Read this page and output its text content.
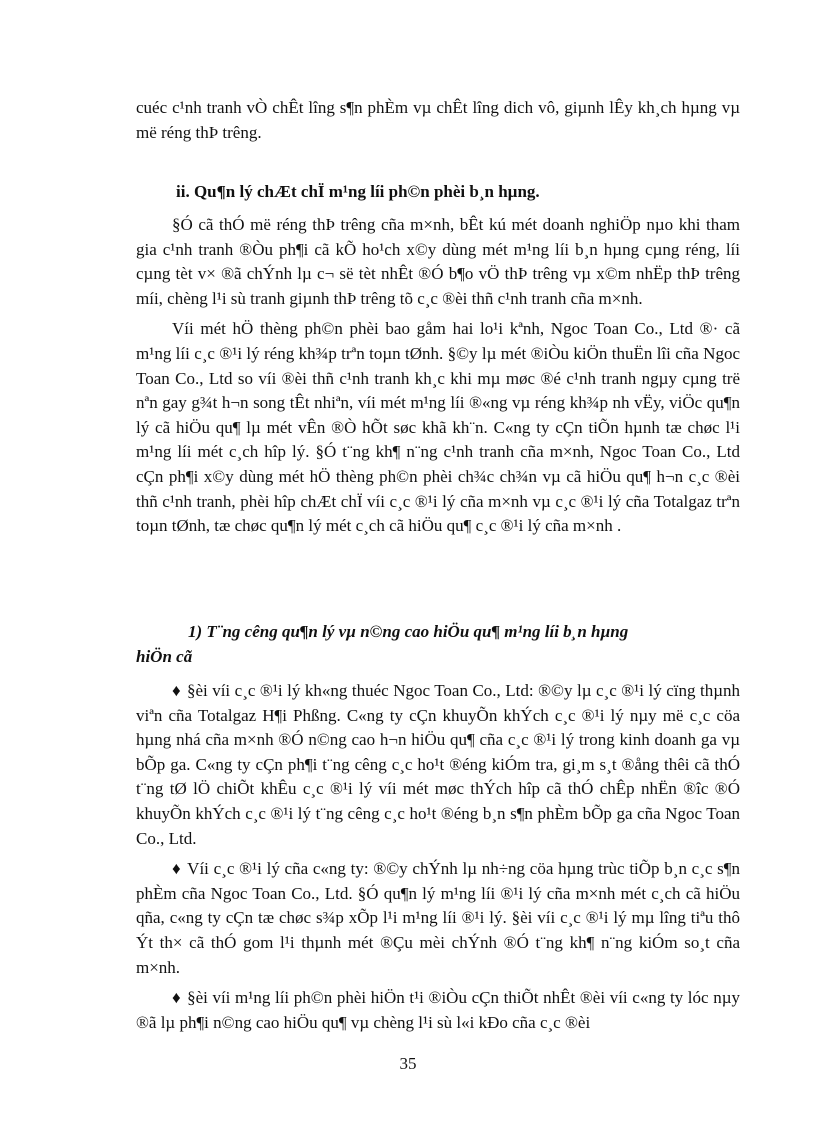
cuéc c¹nh tranh vÒ chÊt lîng s¶n phÈm vµ chÊt lîng dich vô, giµnh lÊy kh¸ch hµng vµ më réng thÞ trêng.

ii. Qu¶n lý chÆt chÏ m¹ng líi ph©n phèi b¸n hµng.

§Ó cã thÓ më réng thÞ trêng cña m×nh, bÊt kú mét doanh nghiÖp nµo khi tham gia c¹nh tranh ®Òu ph¶i cã kÕ ho¹ch x©y dùng mét m¹ng líi b¸n hµng cµng réng, líi cµng tèt v× ®ã chÝnh lµ c¬ së tèt nhÊt ®Ó b¶o vÖ thÞ trêng vµ x©m nhËp thÞ trêng míi, chèng l¹i sù tranh giµnh thÞ trêng tõ c¸c ®èi thñ c¹nh tranh cña m×nh.

Víi mét hÖ thèng ph©n phèi bao gåm hai lo¹i kªnh, Ngoc Toan Co., Ltd ®· cã m¹ng líi c¸c ®¹i lý réng kh¾p trªn toµn tØnh. §©y lµ mét ®iÒu kiÖn thuËn lîi cña Ngoc Toan Co., Ltd so víi ®èi thñ c¹nh tranh kh¸c khi mµ møc ®é c¹nh tranh ngµy cµng trë nªn gay g¾t h¬n song tÊt nhiªn, víi mét m¹ng líi ®«ng vµ réng kh¾p nh vËy, viÖc qu¶n lý cã hiÖu qu¶ lµ mét vÊn ®Ò hÕt søc khã kh¨n. C«ng ty cÇn tiÕn hµnh tæ chøc l¹i m¹ng líi mét c¸ch hîp lý. §Ó t¨ng kh¶ n¨ng c¹nh tranh cña m×nh, Ngoc Toan Co., Ltd cÇn ph¶i x©y dùng mét hÖ thèng ph©n phèi ch¾c ch¾n vµ cã hiÖu qu¶ h¬n c¸c ®èi thñ c¹nh tranh, phèi hîp chÆt chÏ víi c¸c ®¹i lý cña m×nh vµ c¸c ®¹i lý cña Totalgaz trªn toµn tØnh, tæ chøc qu¶n lý mét c¸ch cã hiÖu qu¶ c¸c ®¹i lý cña m×nh .

1) T¨ng cêng qu¶n lý vµ n©ng cao hiÖu qu¶ m¹ng líi b¸n hµng
hiÖn cã

♦ §èi víi c¸c ®¹i lý kh«ng thuéc Ngoc Toan Co., Ltd: ®©y lµ c¸c ®¹i lý cïng thµnh viªn cña Totalgaz H¶i Phßng. C«ng ty cÇn khuyÕn khÝch c¸c ®¹i lý nµy më c¸c cöa hµng nhá cña m×nh ®Ó n©ng cao h¬n hiÖu qu¶ cña c¸c ®¹i lý trong kinh doanh ga vµ bÕp ga. C«ng ty cÇn ph¶i t¨ng cêng c¸c ho¹t ®éng kiÓm tra, gi¸m s¸t ®ång thêi cã thÓ t¨ng tØ lÖ chiÕt khÊu c¸c ®¹i lý víi mét møc thÝch hîp cã thÓ chÊp nhËn ®îc ®Ó khuyÕn khÝch c¸c ®¹i lý t¨ng cêng c¸c ho¹t ®éng b¸n s¶n phÈm bÕp ga cña Ngoc Toan Co., Ltd.

♦ Víi c¸c ®¹i lý cña c«ng ty: ®©y chÝnh lµ nh÷ng cöa hµng trùc tiÕp b¸n c¸c s¶n phÈm cña Ngoc Toan Co., Ltd. §Ó qu¶n lý m¹ng líi ®¹i lý cña m×nh mét c¸ch cã hiÖu qña, c«ng ty cÇn tæ chøc s¾p xÕp l¹i m¹ng líi ®¹i lý. §èi víi c¸c ®¹i lý mµ lîng tiªu thô Ýt th× cã thÓ gom l¹i thµnh mét ®Çu mèi chÝnh ®Ó t¨ng kh¶ n¨ng kiÓm so¸t cña m×nh.

♦ §èi víi m¹ng líi ph©n phèi hiÖn t¹i ®iÒu cÇn thiÕt nhÊt ®èi víi c«ng ty lóc nµy ®ã lµ ph¶i n©ng cao hiÖu qu¶ vµ chèng l¹i sù l«i kÐo cña c¸c ®èi

35
